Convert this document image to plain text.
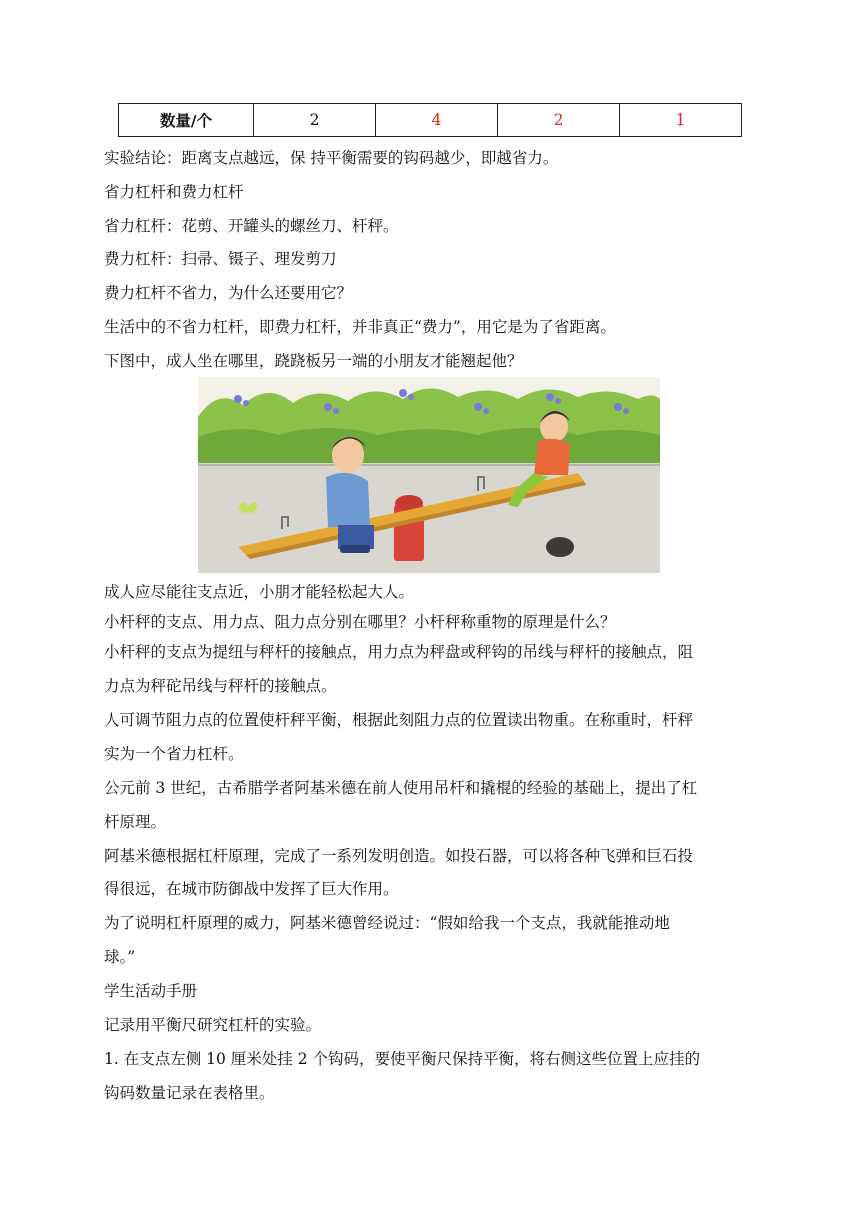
数量/个	2	4	2	1
实验结论：距离支点越远，保 持平衡需要的钩码越少，即越省力。
省力杠杆和费力杠杆
省力杠杆：花剪、开罐头的螺丝刀、杆秤。
费力杠杆：扫帚、镊子、理发剪刀
费力杠杆不省力，为什么还要用它？
生活中的不省力杠杆，即费力杠杆，并非真正“费力”，用它是为了省距离。
下图中，成人坐在哪里，跷跷板另一端的小朋友才能翘起他？
成人应尽能往支点近，小朋才能轻松起大人。
小杆秤的支点、用力点、阻力点分别在哪里？小杆秤称重物的原理是什么？
小杆秤的支点为提纽与秤杆的接触点，用力点为秤盘或秤钩的吊线与秤杆的接触点，阻
力点为秤砣吊线与秤杆的接触点。
人可调节阻力点的位置使杆秤平衡，根据此刻阻力点的位置读出物重。在称重时，杆秤
实为一个省力杠杆。
公元前 3 世纪，古希腊学者阿基米德在前人使用吊杆和撬棍的经验的基础上，提出了杠
杆原理。
阿基米德根据杠杆原理，完成了一系列发明创造。如投石器，可以将各种飞弹和巨石投
得很远，在城市防御战中发挥了巨大作用。
为了说明杠杆原理的威力，阿基米德曾经说过：“假如给我一个支点，我就能推动地
球。”
学生活动手册
记录用平衡尺研究杠杆的实验。
1. 在支点左侧 10 厘米处挂 2 个钩码，要使平衡尺保持平衡，将右侧这些位置上应挂的
钩码数量记录在表格里。
